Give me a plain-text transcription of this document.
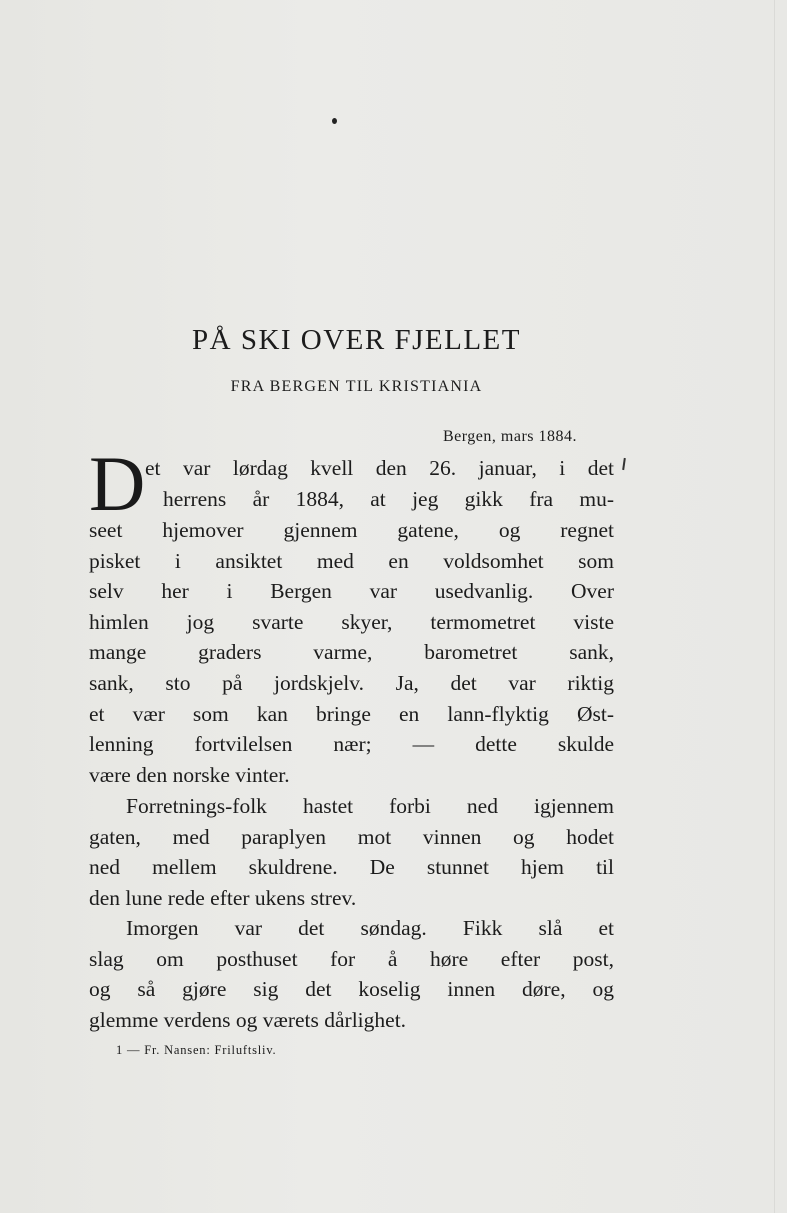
PÅ SKI OVER FJELLET
FRA BERGEN TIL KRISTIANIA
Bergen, mars 1884.
D et var lørdag kvell den 26. januar, i det
herrens år 1884, at jeg gikk fra mu-
seet hjemover gjennem gatene, og regnet
pisket i ansiktet med en voldsomhet som
selv her i Bergen var usedvanlig. Over
himlen jog svarte skyer, termometret viste
mange graders varme, barometret sank,
sank, sto på jordskjelv. Ja, det var riktig
et vær som kan bringe en lann-flyktig Øst-
lenning fortvilelsen nær; — dette skulde
være den norske vinter.
Forretnings-folk hastet forbi ned igjennem
gaten, med paraplyen mot vinnen og hodet
ned mellem skuldrene. De stunnet hjem til
den lune rede efter ukens strev.
Imorgen var det søndag. Fikk slå et
slag om posthuset for å høre efter post,
og så gjøre sig det koselig innen døre, og
glemme verdens og værets dårlighet.
1 — Fr. Nansen: Friluftsliv.
